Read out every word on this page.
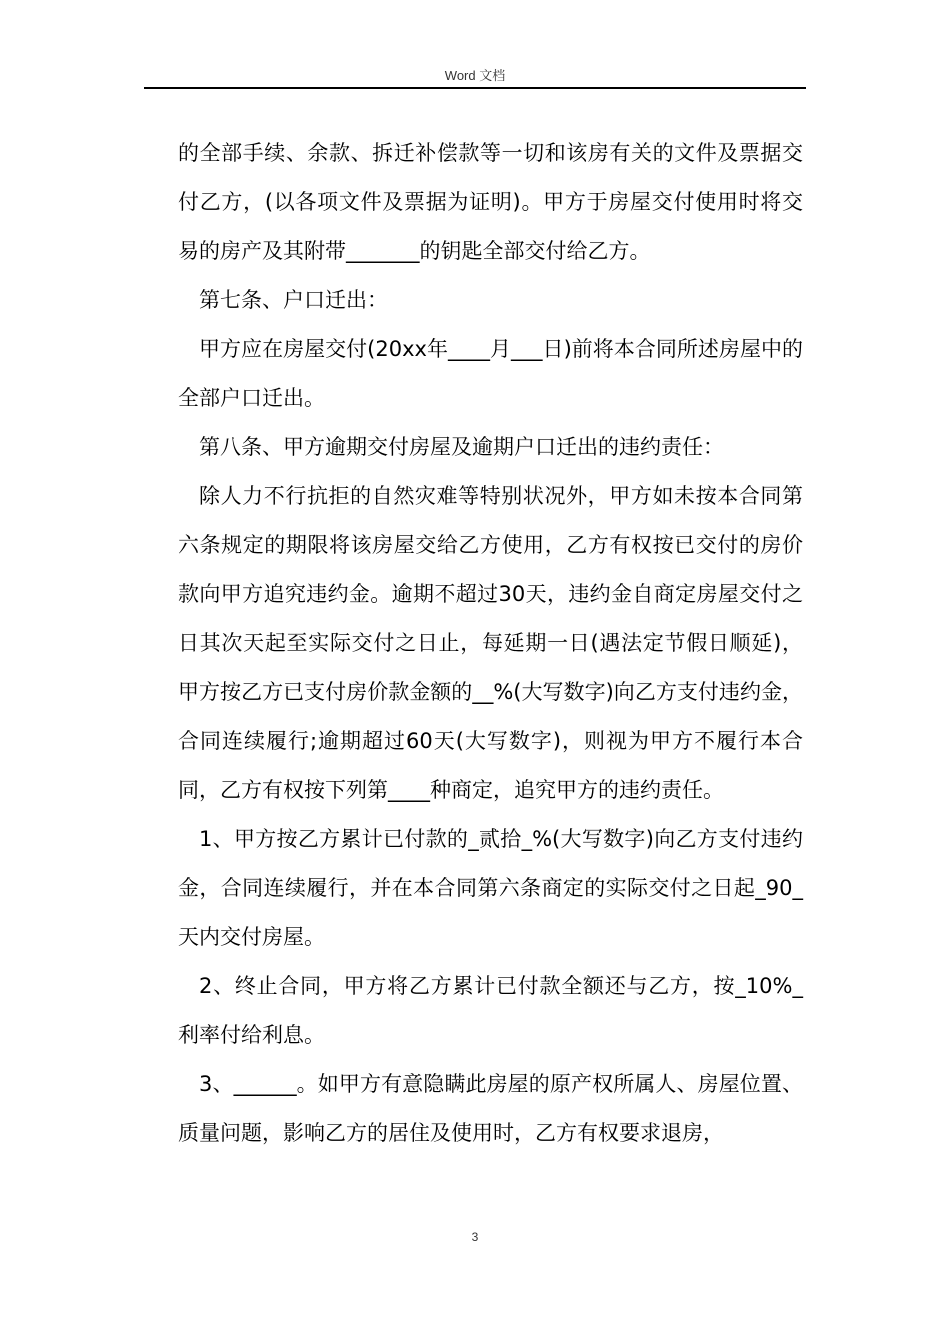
Word 文档

的全部手续、余款、拆迁补偿款等一切和该房有关的文件及票据交付乙方，(以各项文件及票据为证明)。甲方于房屋交付使用时将交易的房产及其附带_______的钥匙全部交付给乙方。

第七条、户口迁出：

甲方应在房屋交付(20xx年____月___日)前将本合同所述房屋中的全部户口迁出。

第八条、甲方逾期交付房屋及逾期户口迁出的违约责任：

除人力不行抗拒的自然灾难等特别状况外，甲方如未按本合同第六条规定的期限将该房屋交给乙方使用，乙方有权按已交付的房价款向甲方追究违约金。逾期不超过30天，违约金自商定房屋交付之日其次天起至实际交付之日止，每延期一日(遇法定节假日顺延)，甲方按乙方已支付房价款金额的__%(大写数字)向乙方支付违约金，合同连续履行;逾期超过60天(大写数字)，则视为甲方不履行本合同，乙方有权按下列第____种商定，追究甲方的违约责任。

1、甲方按乙方累计已付款的_贰拾_%(大写数字)向乙方支付违约金，合同连续履行，并在本合同第六条商定的实际交付之日起_90_天内交付房屋。

2、终止合同，甲方将乙方累计已付款全额还与乙方，按_10%_利率付给利息。

3、______。如甲方有意隐瞒此房屋的原产权所属人、房屋位置、质量问题，影响乙方的居住及使用时，乙方有权要求退房，

3
